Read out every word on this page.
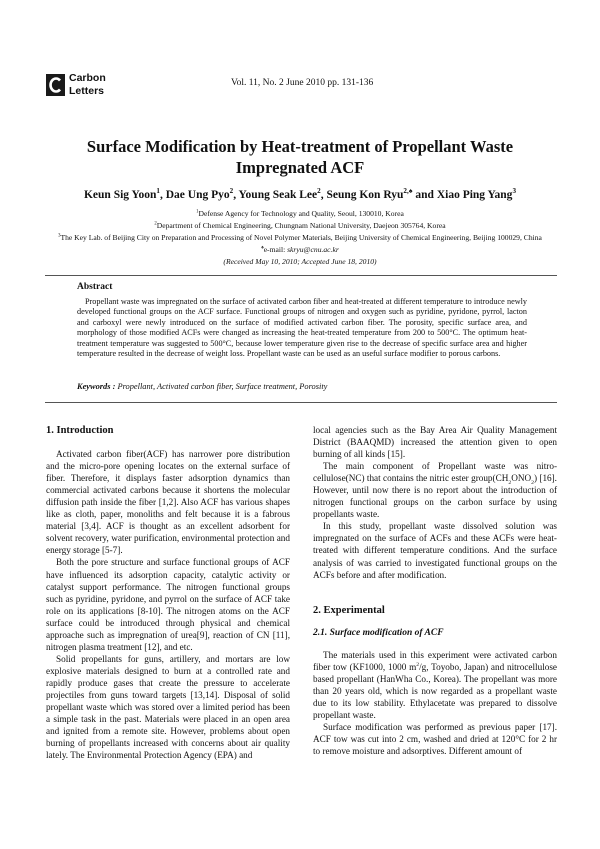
Carbon
Letters
Vol. 11, No. 2 June 2010 pp. 131-136
Surface Modification by Heat-treatment of Propellant Waste
Impregnated ACF
Keun Sig Yoon$^1$, Dae Ung Pyo$^2$, Young Seak Lee$^2$, Seung Kon Ryu$^{2,♠}$ and Xiao Ping Yang$^3$
$^1$Defense Agency for Technology and Quality, Seoul, 130010, Korea
$^2$Department of Chemical Engineering, Chungnam National University, Daejeon 305764, Korea
$^3$The Key Lab. of Beijing City on Preparation and Processing of Novel Polymer Materials, Beijing University of Chemical Engineering, Beijing 100029, China
♠e-mail: skryu@cnu.ac.kr
(Received May 10, 2010; Accepted June 18, 2010)
Abstract
Propellant waste was impregnated on the surface of activated carbon fiber and heat-treated at different temperature to introduce newly developed functional groups on the ACF surface. Functional groups of nitrogen and oxygen such as pyridine, pyridone, pyrrol, lacton and carboxyl were newly introduced on the surface of modified activated carbon fiber. The porosity, specific surface area, and morphology of those modified ACFs were changed as increasing the heat-treated temperature from 200 to 500°C. The optimum heat-treatment temperature was suggested to 500°C, because lower temperature given rise to the decrease of specific surface area and higher temperature resulted in the decrease of weight loss. Propellant waste can be used as an useful surface modifier to porous carbons.
Keywords : Propellant, Activated carbon fiber, Surface treatment, Porosity
1. Introduction

Activated carbon fiber(ACF) has narrower pore distribution and the micro-pore opening locates on the external surface of fiber. Therefore, it displays faster adsorption dynamics than commercial activated carbons because it shortens the molecular diffusion path inside the fiber [1,2]. Also ACF has various shapes like as cloth, paper, monoliths and felt because it is a fabrous material [3,4]. ACF is thought as an excellent adsorbent for solvent recovery, water purification, environmental protection and energy storage [5-7].

Both the pore structure and surface functional groups of ACF have influenced its adsorption capacity, catalytic activity or catalyst support performance. The nitrogen functional groups such as pyridine, pyridone, and pyrrol on the surface of ACF take role on its applications [8-10]. The nitrogen atoms on the ACF surface could be introduced through physical and chemical approache such as impregnation of urea[9], reaction of CN [11], nitrogen plasma treatment [12], and etc.

Solid propellants for guns, artillery, and mortars are low explosive materials designed to burn at a controlled rate and rapidly produce gases that create the pressure to accelerate projectiles from guns toward targets [13,14]. Disposal of solid propellant waste which was stored over a limited period has been a simple task in the past. Materials were placed in an open area and ignited from a remote site. However, problems about open burning of propellants increased with concerns about air quality lately. The Environmental Protection Agency (EPA) and

local agencies such as the Bay Area Air Quality Management District (BAAQMD) increased the attention given to open burning of all kinds [15].

The main component of Propellant waste was nitro- cellulose(NC) that contains the nitric ester $group(CH_2ONO_2)$ [16]. However, until now there is no report about the introduction of nitrogen functional groups on the carbon surface by using propellants waste.

In this study, propellant waste dissolved solution was impregnated on the surface of ACFs and these ACFs were heat-treated with different temperature conditions. And the surface analysis of was carried to investigated functional groups on the ACFs before and after modification.

2. Experimental
2.1. Surface modification of ACF

The materials used in this experiment were activated carbon fiber tow (KF1000, 1000 $m^2/g$, Toyobo, Japan) and nitrocellulose based propellant (HanWha Co., Korea). The propellant was more than 20 years old, which is now regarded as a propellant waste due to its low stability. Ethylacetate was prepared to dissolve propellant waste.

Surface modification was performed as previous paper [17]. ACF tow was cut into 2 cm, washed and dried at 120°C for 2 hr to remove moisture and adsorptives. Different amount of
